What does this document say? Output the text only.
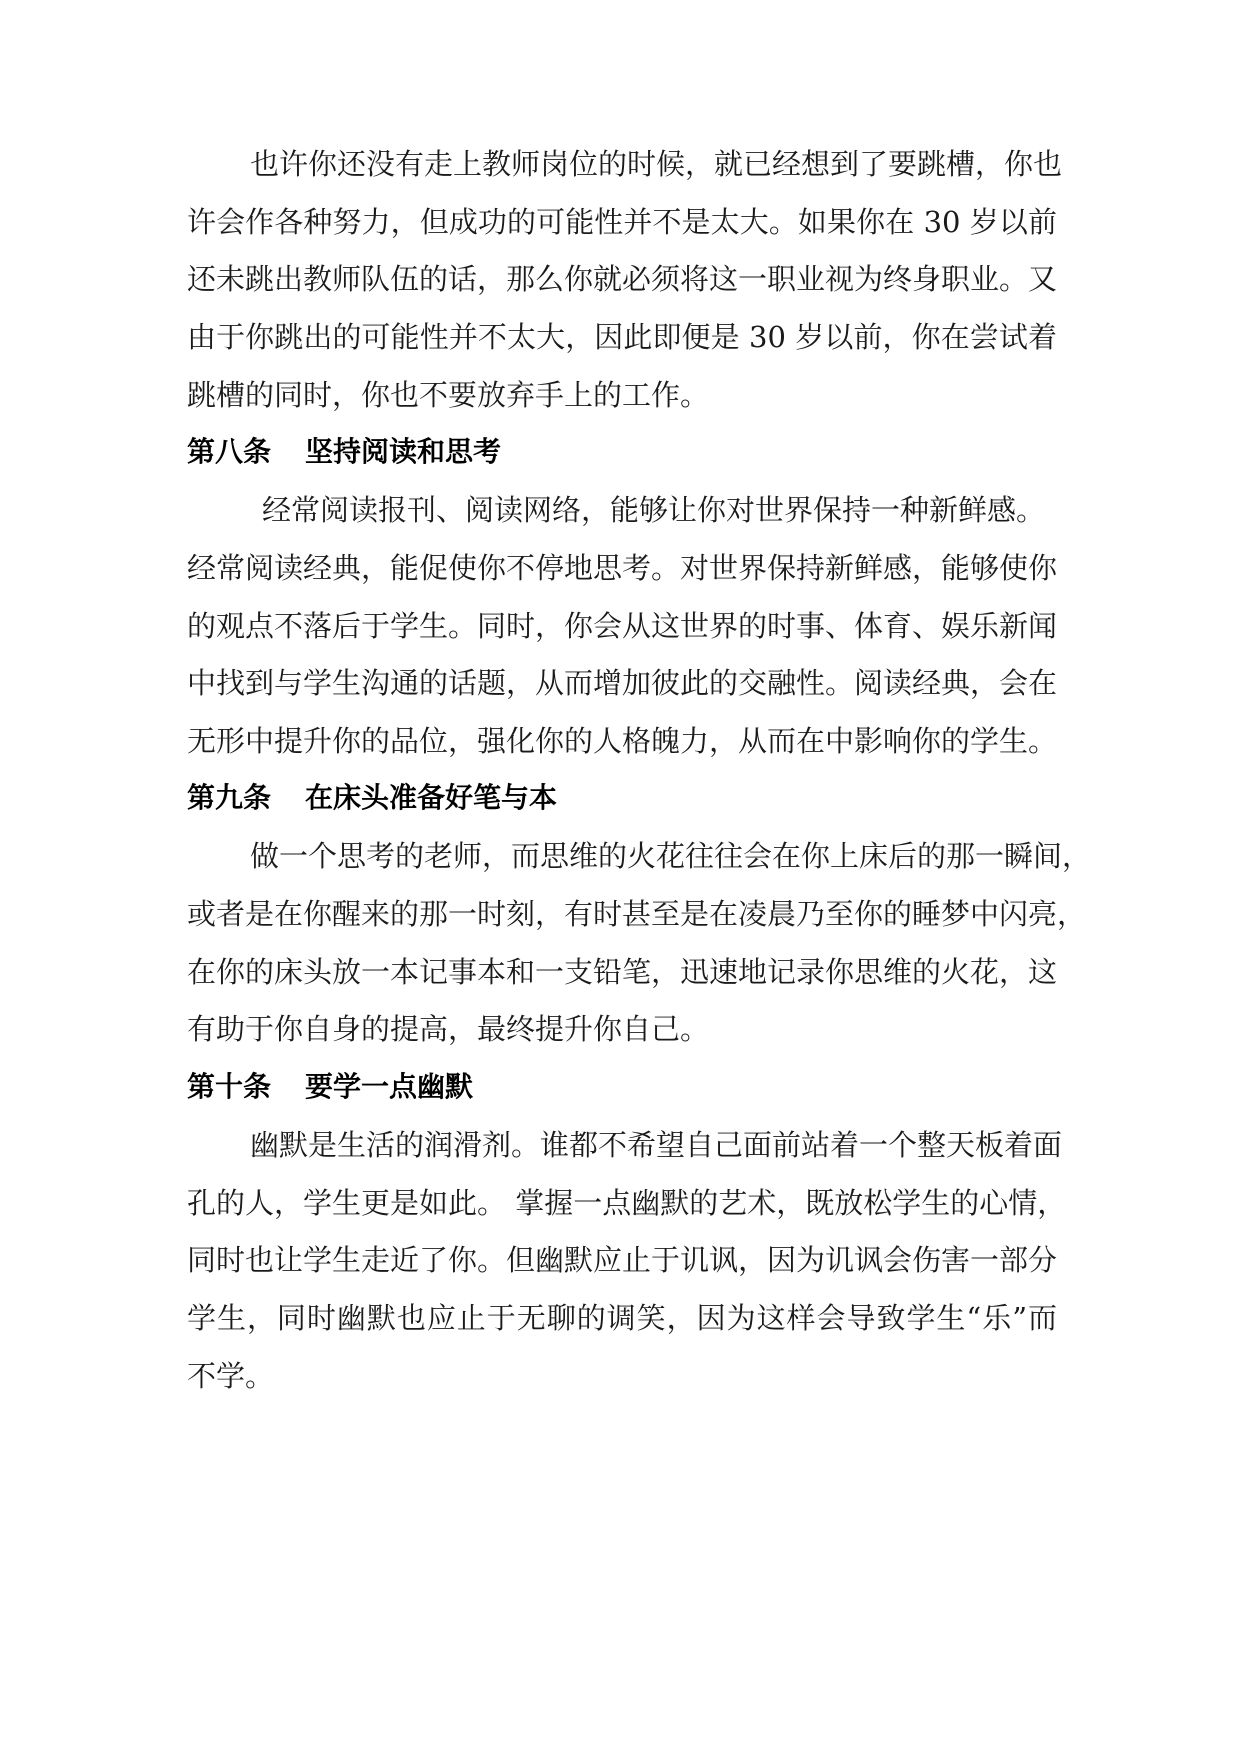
也许你还没有走上教师岗位的时候，就已经想到了要跳槽，你也
许会作各种努力，但成功的可能性并不是太大。如果你在 30 岁以前
还未跳出教师队伍的话，那么你就必须将这一职业视为终身职业。又
由于你跳出的可能性并不太大，因此即便是 30 岁以前，你在尝试着
跳槽的同时，你也不要放弃手上的工作。
第八条 坚持阅读和思考
经常阅读报刊、阅读网络，能够让你对世界保持一种新鲜感。
经常阅读经典，能促使你不停地思考。对世界保持新鲜感，能够使你
的观点不落后于学生。同时，你会从这世界的时事、体育、娱乐新闻
中找到与学生沟通的话题，从而增加彼此的交融性。阅读经典，会在
无形中提升你的品位，强化你的人格魄力，从而在中影响你的学生。
第九条 在床头准备好笔与本
做一个思考的老师，而思维的火花往往会在你上床后的那一瞬间，
或者是在你醒来的那一时刻，有时甚至是在凌晨乃至你的睡梦中闪亮，
在你的床头放一本记事本和一支铅笔，迅速地记录你思维的火花，这
有助于你自身的提高，最终提升你自己。
第十条 要学一点幽默
幽默是生活的润滑剂。谁都不希望自己面前站着一个整天板着面
孔的人，学生更是如此。 掌握一点幽默的艺术，既放松学生的心情，
同时也让学生走近了你。但幽默应止于讥讽，因为讥讽会伤害一部分
学生，同时幽默也应止于无聊的调笑，因为这样会导致学生“乐”而
不学。
